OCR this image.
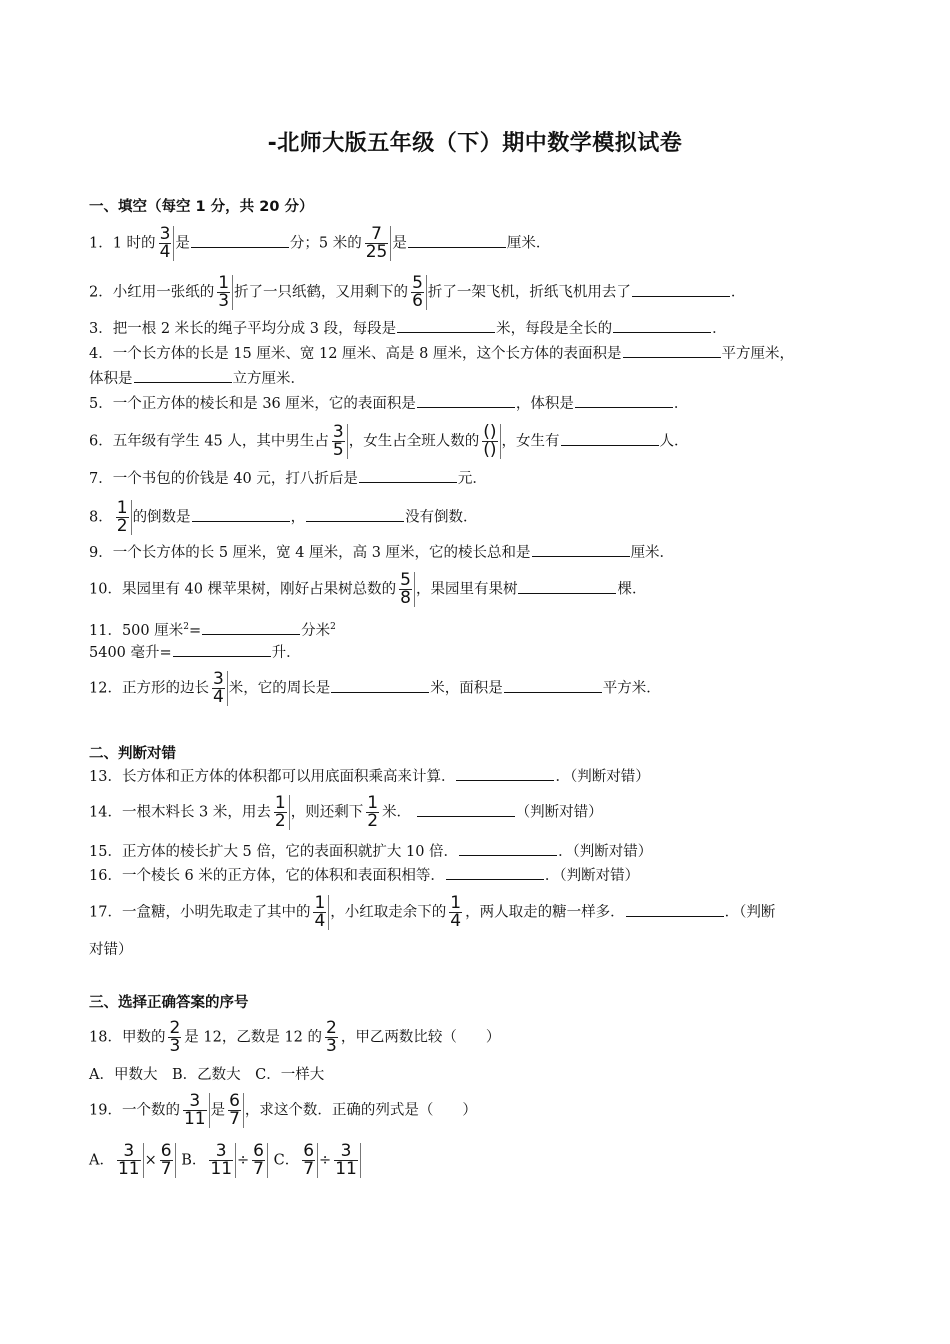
-北师大版五年级（下）期中数学模拟试卷
一、填空（每空 1 分，共 20 分）
1．1 时的 $\frac{3}{4}$ 是	分；5 米的 $\frac{7}{25}$ 是	厘米．
2．小红用一张纸的 $\frac{1}{3}$ 折了一只纸鹤，又用剩下的 $\frac{5}{6}$ 折了一架飞机，折纸飞机用去了	．
3．把一根 2 米长的绳子平均分成 3 段，每段是	米，每段是全长的	．
4．一个长方体的长是 15 厘米、宽 12 厘米、高是 8 厘米，这个长方体的表面积是	平方厘米，
体积是	立方厘米．
5．一个正方体的棱长和是 36 厘米，它的表面积是	，体积是	．
6．五年级有学生 45 人，其中男生占 $\frac{3}{5}$ ，女生占全班人数的 $\frac{()}{()}$ ，女生有	人．
7．一个书包的价钱是 40 元，打八折后是	元．
8． $\frac{1}{2}$ 的倒数是	，	没有倒数．
9．一个长方体的长 5 厘米，宽 4 厘米，高 3 厘米，它的棱长总和是	厘米．
10．果园里有 40 棵苹果树，刚好占果树总数的 $\frac{5}{8}$ ，果园里有果树	棵．
11．500 厘米$^2$=	分米$^2$
5400 毫升=	升．
12．正方形的边长 $\frac{3}{4}$ 米，它的周长是	米，面积是	平方米．
二、判断对错
13．长方体和正方体的体积都可以用底面积乘高来计算．	．（判断对错）
14．一根木料长 3 米，用去 $\frac{1}{2}$ ，则还剩下 $\frac{1}{2}$ 米．	（判断对错）
15．正方体的棱长扩大 5 倍，它的表面积就扩大 10 倍．	．（判断对错）
16．一个棱长 6 米的正方体，它的体积和表面积相等．	．（判断对错）
17．一盒糖，小明先取走了其中的 $\frac{1}{4}$ ，小红取走余下的 $\frac{1}{4}$ ，两人取走的糖一样多．	．（判断
对错）
三、选择正确答案的序号
18．甲数的 $\frac{2}{3}$ 是 12，乙数是 12 的 $\frac{2}{3}$ ，甲乙两数比较（　　）
A．甲数大　B．乙数大　C．一样大
19．一个数的 $\frac{3}{11}$ 是 $\frac{6}{7}$ ，求这个数．正确的列式是（　　）
A． $\frac{3}{11} \times \frac{6}{7}$ B． $\frac{3}{11} \div \frac{6}{7}$ C． $\frac{6}{7} \div \frac{3}{11}$
